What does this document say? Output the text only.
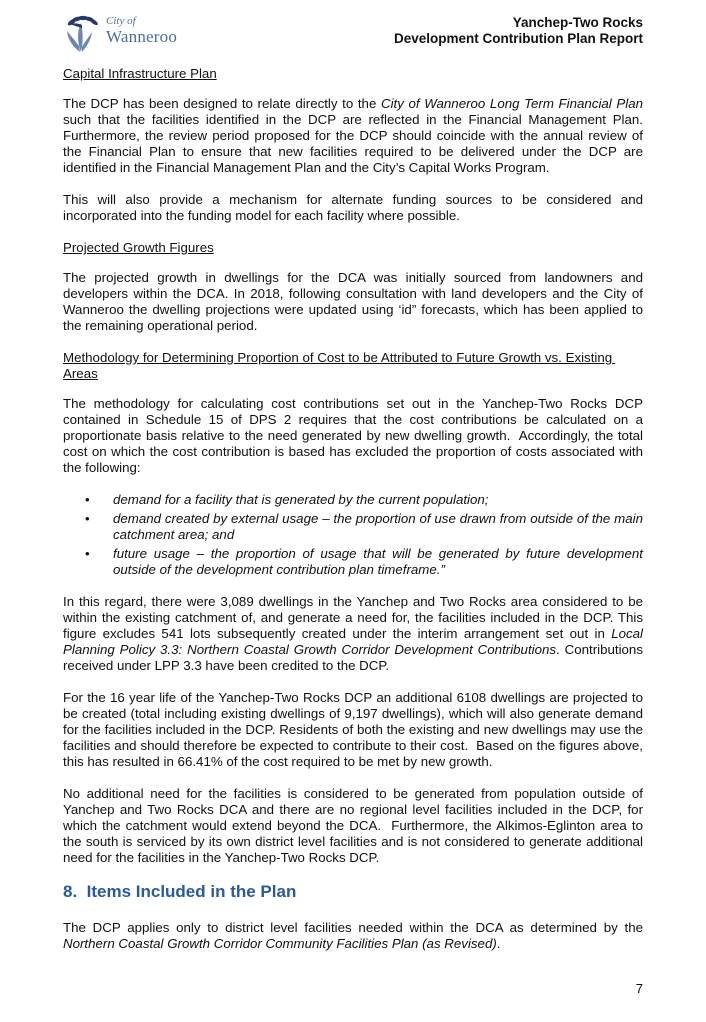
City of
Wanneroo
Yanchep-Two Rocks
Development Contribution Plan Report
Capital Infrastructure Plan

The DCP has been designed to relate directly to the City of Wanneroo Long Term Financial Plan such that the facilities identified in the DCP are reflected in the Financial Management Plan.  Furthermore, the review period proposed for the DCP should coincide with the annual review of the Financial Plan to ensure that new facilities required to be delivered under the DCP are identified in the Financial Management Plan and the City’s Capital Works Program.

This will also provide a mechanism for alternate funding sources to be considered and incorporated into the funding model for each facility where possible.

Projected Growth Figures

The projected growth in dwellings for the DCA was initially sourced from landowners and developers within the DCA. In 2018, following consultation with land developers and the City of Wanneroo the dwelling projections were updated using ‘id” forecasts, which has been applied to the remaining operational period.

Methodology for Determining Proportion of Cost to be Attributed to Future Growth vs. Existing Areas

The methodology for calculating cost contributions set out in the Yanchep-Two Rocks DCP contained in Schedule 15 of DPS 2 requires that the cost contributions be calculated on a proportionate basis relative to the need generated by new dwelling growth.  Accordingly, the total cost on which the cost contribution is based has excluded the proportion of costs associated with the following:

•	demand for a facility that is generated by the current population;
•	demand created by external usage – the proportion of use drawn from outside of the main catchment area; and
•	future usage – the proportion of usage that will be generated by future development outside of the development contribution plan timeframe.”

In this regard, there were 3,089 dwellings in the Yanchep and Two Rocks area considered to be within the existing catchment of, and generate a need for, the facilities included in the DCP. This figure excludes 541 lots subsequently created under the interim arrangement set out in Local Planning Policy 3.3: Northern Coastal Growth Corridor Development Contributions. Contributions received under LPP 3.3 have been credited to the DCP.

For the 16 year life of the Yanchep-Two Rocks DCP an additional 6108 dwellings are projected to be created (total including existing dwellings of 9,197 dwellings), which will also generate demand for the facilities included in the DCP. Residents of both the existing and new dwellings may use the facilities and should therefore be expected to contribute to their cost.  Based on the figures above, this has resulted in 66.41% of the cost required to be met by new growth.

No additional need for the facilities is considered to be generated from population outside of Yanchep and Two Rocks DCA and there are no regional level facilities included in the DCP, for which the catchment would extend beyond the DCA.  Furthermore, the Alkimos-Eglinton area to the south is serviced by its own district level facilities and is not considered to generate additional need for the facilities in the Yanchep-Two Rocks DCP.

8.  Items Included in the Plan

The DCP applies only to district level facilities needed within the DCA as determined by the Northern Coastal Growth Corridor Community Facilities Plan (as Revised).

7
